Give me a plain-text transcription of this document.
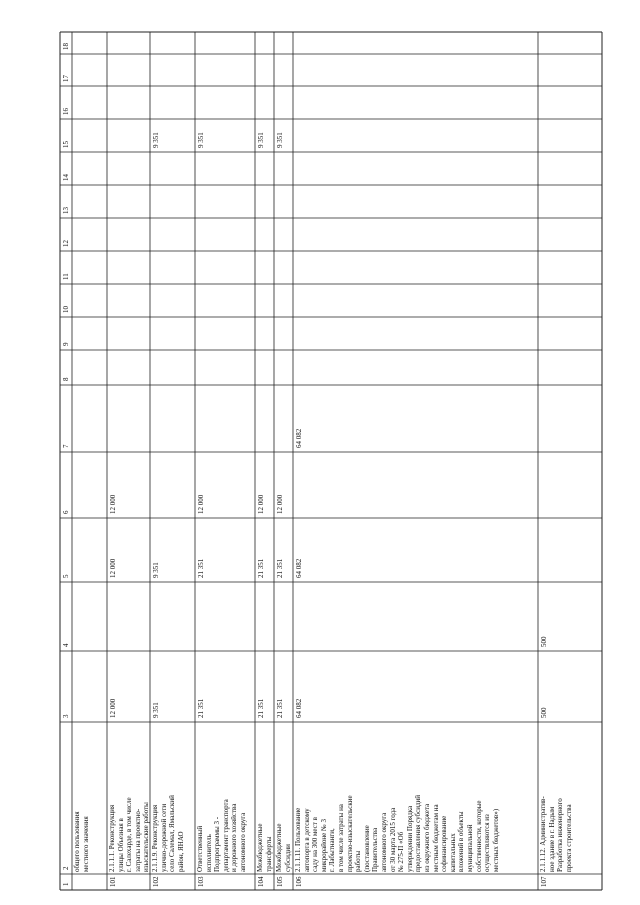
1
2
3
4
5
6
7
8
9
10
11
12
13
14
15
16
17
18
общего пользования местного значения
101
2.1.1.1. Реконструкция улицы Объезная в г. Салехарде, в том числе затраты на проектно- изыскательские работы
12 000
12 000
12 000
102
2.1.1.9. Реконструкция улично-дорожной сети село Салемал, Ямальский район, ЯНАО
9 351
9 351
9 351
103
Ответственный исполнитель Подпрограммы 3 - департамент транспорта и дорожного хозяйства автономного округа
21 351
21 351
12 000
9 351
104
Межбюджетные трансферты
21 351
21 351
12 000
9 351
105
Межбюджетные субсидии
21 351
21 351
12 000
9 351
106
2.1.1.11. Пользование автопорта в детскому саду на 300 мест в микрорайоне № 3 г. Лабытнанги, в том числе затраты на проектно-изыскательские работы (постановление Правительства автономного округа от 30 марта 2015 года № 275-П «Об утверждении Порядка предоставления субсидий из окружного бюджета местным бюджетам на софинансирование капитальных вложений в объекты муниципальной собственности, которые осуществляются из местных бюджетов»)
64 082
64 082
64 082
107
2.1.1.12. Административ- ное здание в г. Надым Разработка инженерного проекта строительства
500
500
